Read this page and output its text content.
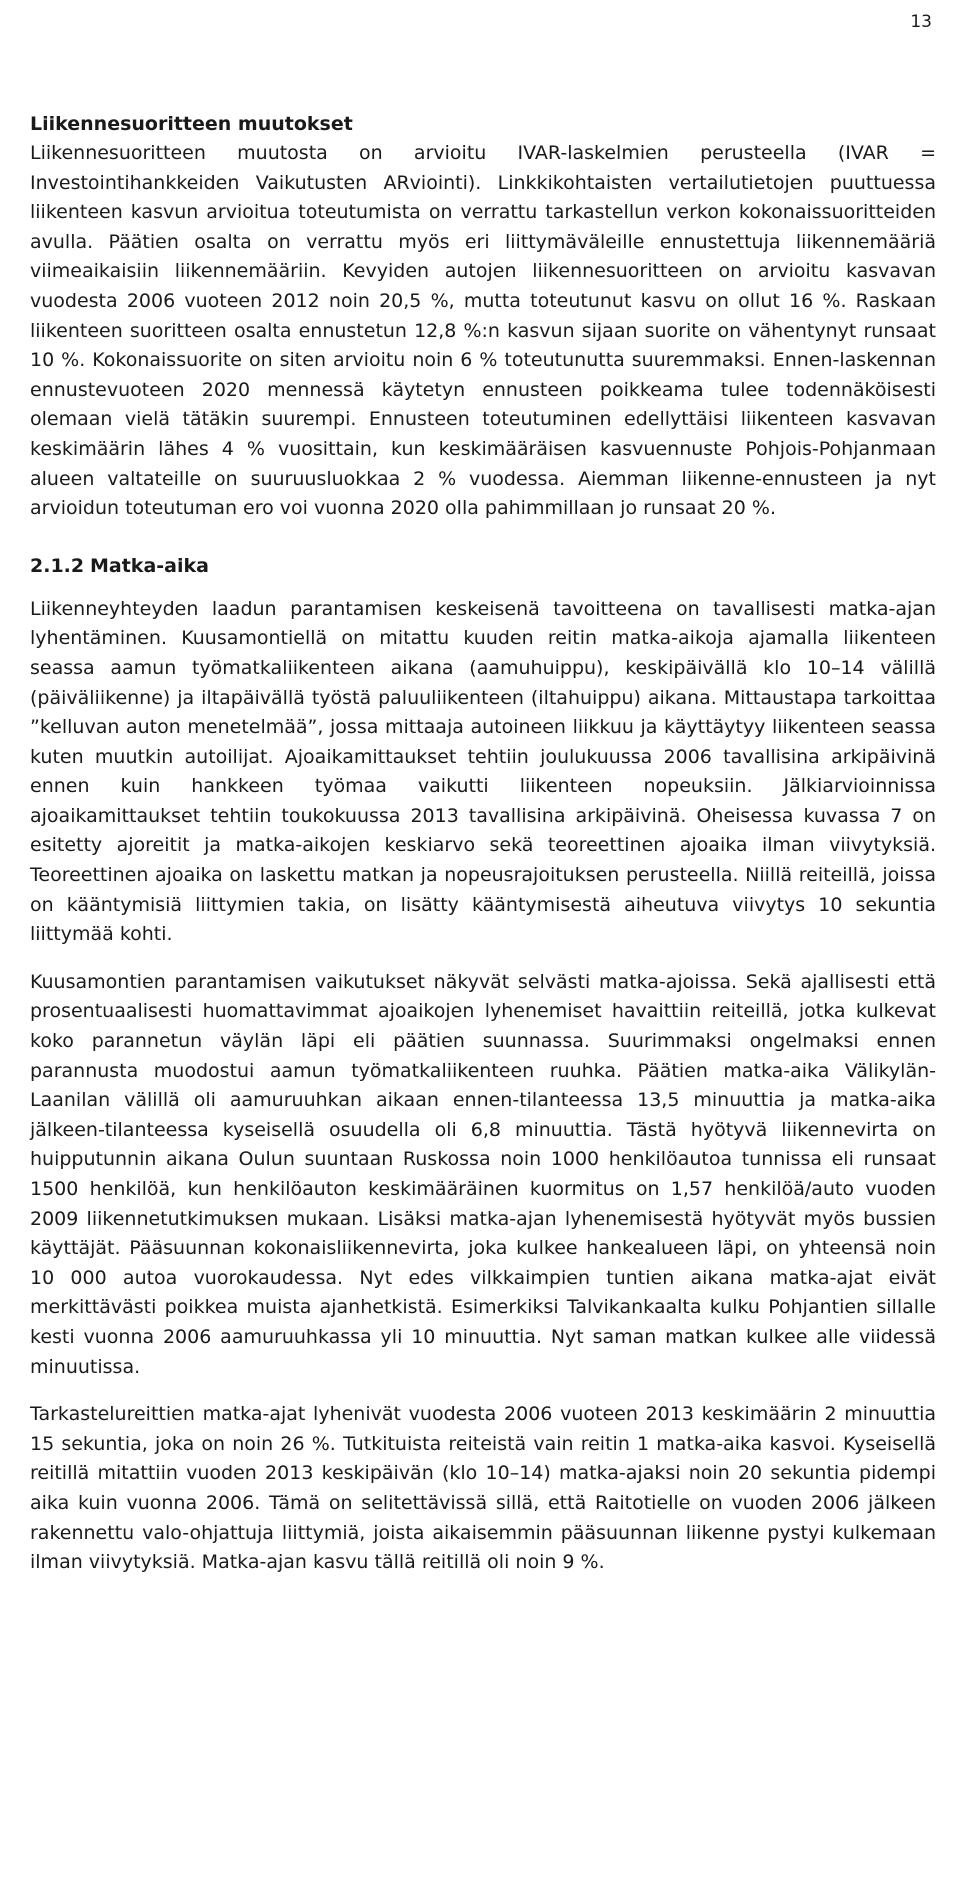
13
Liikennesuoritteen muutokset

Liikennesuoritteen muutosta on arvioitu IVAR-laskelmien perusteella (IVAR = Investointihankkeiden Vaikutusten ARviointi). Linkkikohtaisten vertailutietojen puuttuessa liikenteen kasvun arvioitua toteutumista on verrattu tarkastellun verkon kokonaissuoritteiden avulla. Päätien osalta on verrattu myös eri liittymäväleille ennustettuja liikennemääriä viimeaikaisiin liikennemääriin. Kevyiden autojen liikennesuoritteen on arvioitu kasvavan vuodesta 2006 vuoteen 2012 noin 20,5 %, mutta toteutunut kasvu on ollut 16 %. Raskaan liikenteen suoritteen osalta ennustetun 12,8 %:n kasvun sijaan suorite on vähentynyt runsaat 10 %. Kokonaissuorite on siten arvioitu noin 6 % toteutunutta suuremmaksi. Ennen-laskennan ennustevuoteen 2020 mennessä käytetyn ennusteen poikkeama tulee todennäköisesti olemaan vielä tätäkin suurempi. Ennusteen toteutuminen edellyttäisi liikenteen kasvavan keskimäärin lähes 4 % vuosittain, kun keskimääräisen kasvuennuste Pohjois-Pohjanmaan alueen valtateille on suuruusluokkaa 2 % vuodessa. Aiemman liikenne-ennusteen ja nyt arvioidun toteutuman ero voi vuonna 2020 olla pahimmillaan jo runsaat 20 %.

2.1.2 Matka-aika

Liikenneyhteyden laadun parantamisen keskeisenä tavoitteena on tavallisesti matka-ajan lyhentäminen. Kuusamontiellä on mitattu kuuden reitin matka-aikoja ajamalla liikenteen seassa aamun työmatkaliikenteen aikana (aamuhuippu), keskipäivällä klo 10–14 välillä (päiväliikenne) ja iltapäivällä työstä paluuliikenteen (iltahuippu) aikana. Mittaustapa tarkoittaa ”kelluvan auton menetelmää”, jossa mittaaja autoineen liikkuu ja käyttäytyy liikenteen seassa kuten muutkin autoilijat. Ajoaikamittaukset tehtiin joulukuussa 2006 tavallisina arkipäivinä ennen kuin hankkeen työmaa vaikutti liikenteen nopeuksiin. Jälkiarvioinnissa ajoaikamittaukset tehtiin toukokuussa 2013 tavallisina arkipäivinä. Oheisessa kuvassa 7 on esitetty ajoreitit ja matka-aikojen keskiarvo sekä teoreettinen ajoaika ilman viivytyksiä. Teoreettinen ajoaika on laskettu matkan ja nopeusrajoituksen perusteella. Niillä reiteillä, joissa on kääntymisiä liittymien takia, on lisätty kääntymisestä aiheutuva viivytys 10 sekuntia liittymää kohti.

Kuusamontien parantamisen vaikutukset näkyvät selvästi matka-ajoissa. Sekä ajallisesti että prosentuaalisesti huomattavimmat ajoaikojen lyhenemiset havaittiin reiteillä, jotka kulkevat koko parannetun väylän läpi eli päätien suunnassa. Suurimmaksi ongelmaksi ennen parannusta muodostui aamun työmatkaliikenteen ruuhka. Päätien matka-aika Välikylän-Laanilan välillä oli aamuruuhkan aikaan ennen-tilanteessa 13,5 minuuttia ja matka-aika jälkeen-tilanteessa kyseisellä osuudella oli 6,8 minuuttia. Tästä hyötyvä liikennevirta on huipputunnin aikana Oulun suuntaan Ruskossa noin 1000 henkilöautoa tunnissa eli runsaat 1500 henkilöä, kun henkilöauton keskimääräinen kuormitus on 1,57 henkilöä/auto vuoden 2009 liikennetutkimuksen mukaan. Lisäksi matka-ajan lyhenemisestä hyötyvät myös bussien käyttäjät. Pääsuunnan kokonaisliikennevirta, joka kulkee hankealueen läpi, on yhteensä noin 10 000 autoa vuorokaudessa. Nyt edes vilkkaimpien tuntien aikana matka-ajat eivät merkittävästi poikkea muista ajanhetkistä. Esimerkiksi Talvikankaalta kulku Pohjantien sillalle kesti vuonna 2006 aamuruuhkassa yli 10 minuuttia. Nyt saman matkan kulkee alle viidessä minuutissa.

Tarkastelureittien matka-ajat lyhenivät vuodesta 2006 vuoteen 2013 keskimäärin 2 minuuttia 15 sekuntia, joka on noin 26 %. Tutkituista reiteistä vain reitin 1 matka-aika kasvoi. Kyseisellä reitillä mitattiin vuoden 2013 keskipäivän (klo 10–14) matka-ajaksi noin 20 sekuntia pidempi aika kuin vuonna 2006. Tämä on selitettävissä sillä, että Raitotielle on vuoden 2006 jälkeen rakennettu valo-ohjattuja liittymiä, joista aikaisemmin pääsuunnan liikenne pystyi kulkemaan ilman viivytyksiä. Matka-ajan kasvu tällä reitillä oli noin 9 %.
